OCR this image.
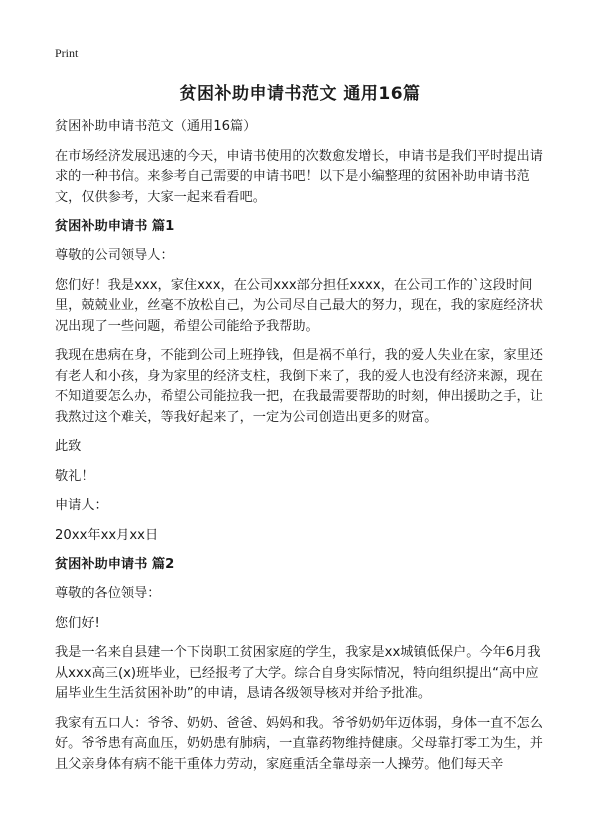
Print
贫困补助申请书范文 通用16篇
贫困补助申请书范文（通用16篇）
在市场经济发展迅速的今天，申请书使用的次数愈发增长，申请书是我们平时提出请求的一种书信。来参考自己需要的申请书吧！以下是小编整理的贫困补助申请书范文，仅供参考，大家一起来看看吧。
贫困补助申请书 篇1
尊敬的公司领导人：
您们好！我是xxx，家住xxx，在公司xxx部分担任xxxx，在公司工作的`这段时间里，兢兢业业，丝毫不放松自己，为公司尽自己最大的努力，现在，我的家庭经济状况出现了一些问题，希望公司能给予我帮助。
我现在患病在身，不能到公司上班挣钱，但是祸不单行，我的爱人失业在家，家里还有老人和小孩，身为家里的经济支柱，我倒下来了，我的爱人也没有经济来源，现在不知道要怎么办，希望公司能拉我一把，在我最需要帮助的时刻，伸出援助之手，让我熬过这个难关，等我好起来了，一定为公司创造出更多的财富。
此致
敬礼！
申请人：
20xx年xx月xx日
贫困补助申请书 篇2
尊敬的各位领导：
您们好!
我是一名来自县建一个下岗职工贫困家庭的学生，我家是xx城镇低保户。今年6月我从xxx高三(x)班毕业，已经报考了大学。综合自身实际情况，特向组织提出“高中应届毕业生生活贫困补助”的申请，恳请各级领导核对并给予批准。
我家有五口人：爷爷、奶奶、爸爸、妈妈和我。爷爷奶奶年迈体弱，身体一直不怎么好。爷爷患有高血压，奶奶患有肺病，一直靠药物维持健康。父母靠打零工为生，并且父亲身体有病不能干重体力劳动，家庭重活全靠母亲一人操劳。他们每天辛
